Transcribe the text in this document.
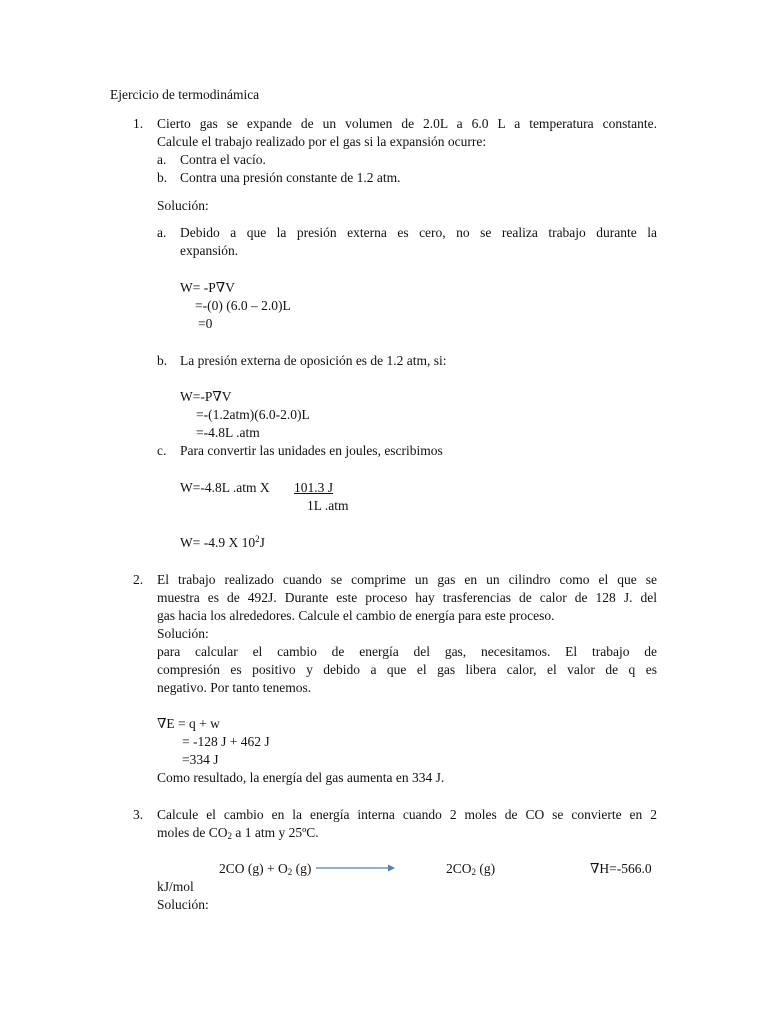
Ejercicio de termodinámica
1. Cierto gas se expande de un volumen de 2.0L a 6.0 L a temperatura constante.
Calcule el trabajo realizado por el gas si la expansión ocurre:
a. Contra el vacío.
b. Contra una presión constante de 1.2 atm.
Solución:
a. Debido a que la presión externa es cero, no se realiza trabajo durante la
expansión.
W= -P∇V
=-(0) (6.0 – 2.0)L
=0
b. La presión externa de oposición es de 1.2 atm, si:
W=-P∇V
=-(1.2atm)(6.0-2.0)L
=-4.8L .atm
c. Para convertir las unidades en joules, escribimos
W=-4.8L .atm X 101.3 J
1L .atm
W= -4.9 X $10^2J$
2. El trabajo realizado cuando se comprime un gas en un cilindro como el que se
muestra es de 492J. Durante este proceso hay trasferencias de calor de 128 J. del
gas hacia los alrededores. Calcule el cambio de energía para este proceso.
Solución:
para calcular el cambio de energía del gas, necesitamos. El trabajo de
compresión es positivo y debido a que el gas libera calor, el valor de q es
negativo. Por tanto tenemos.
∇E = q + w
= -128 J + 462 J
=334 J
Como resultado, la energía del gas aumenta en 334 J.
3. Calcule el cambio en la energía interna cuando 2 moles de CO se convierte en 2
moles de $CO_2$ a 1 atm y 25ºC.
2CO $(g) + O_2$ (g)	$2CO_2$ (g)	∇H=-566.0
kJ/mol
Solución:
